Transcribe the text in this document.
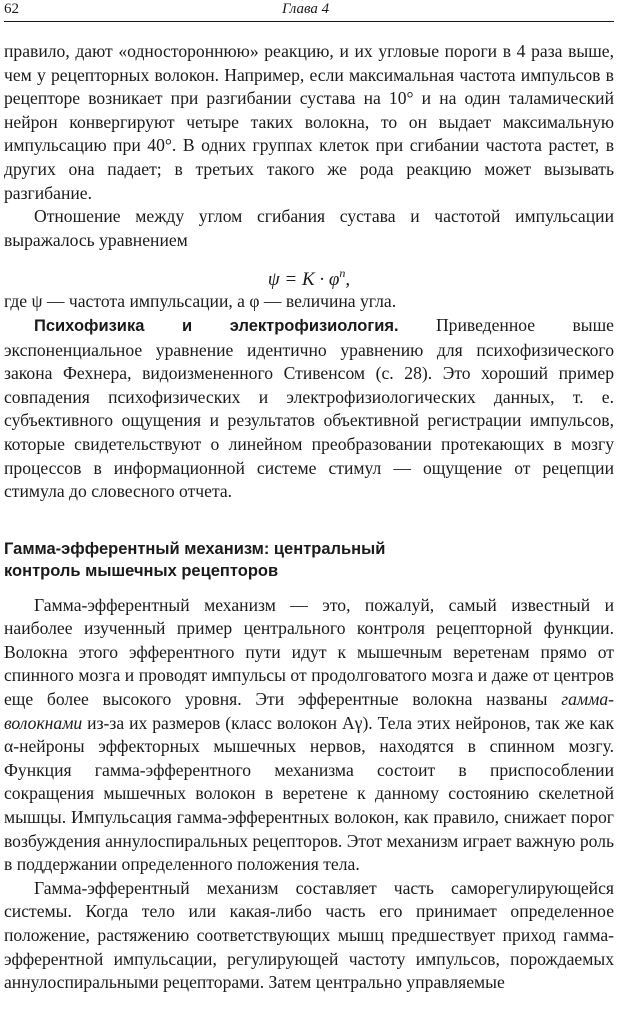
62	Глава 4

правило, дают «одностороннюю» реакцию, и их угловые пороги в 4 раза выше, чем у рецепторных волокон. Например, если максимальная частота импульсов в рецепторе возникает при разгибании сустава на 10° и на один таламический нейрон конвергируют четыре таких волокна, то он выдает максимальную импульсацию при 40°. В одних группах клеток при сгибании частота растет, в других она падает; в третьих такого же рода реакцию может вызывать разгибание.

Отношение между углом сгибания сустава и частотой импульсации выражалось уравнением

$\psi = K \cdot \varphi^n$,

где ψ — частота импульсации, а φ — величина угла.

Психофизика и электрофизиология. Приведенное выше экспоненциальное уравнение идентично уравнению для психофизического закона Фехнера, видоизмененного Стивенсом (с. 28). Это хороший пример совпадения психофизических и электрофизиологических данных, т. е. субъективного ощущения и результатов объективной регистрации импульсов, которые свидетельствуют о линейном преобразовании протекающих в мозгу процессов в информационной системе стимул — ощущение от рецепции стимула до словесного отчета.

Гамма-эфферентный механизм: центральный
контроль мышечных рецепторов

Гамма-эфферентный механизм — это, пожалуй, самый известный и наиболее изученный пример центрального контроля рецепторной функции. Волокна этого эфферентного пути идут к мышечным веретенам прямо от спинного мозга и проводят импульсы от продолговатого мозга и даже от центров еще более высокого уровня. Эти эфферентные волокна названы гамма-волокнами из-за их размеров (класс волокон Aγ). Тела этих нейронов, так же как α-нейроны эффекторных мышечных нервов, находятся в спинном мозгу. Функция гамма-эфферентного механизма состоит в приспособлении сокращения мышечных волокон в веретене к данному состоянию скелетной мышцы. Импульсация гамма-эфферентных волокон, как правило, снижает порог возбуждения аннулоспиральных рецепторов. Этот механизм играет важную роль в поддержании определенного положения тела.

Гамма-эфферентный механизм составляет часть саморегулирующейся системы. Когда тело или какая-либо часть его принимает определенное положение, растяжению соответствующих мышц предшествует приход гамма-эфферентной импульсации, регулирующей частоту импульсов, порождаемых аннулоспиральными рецепторами. Затем центрально управляемые
